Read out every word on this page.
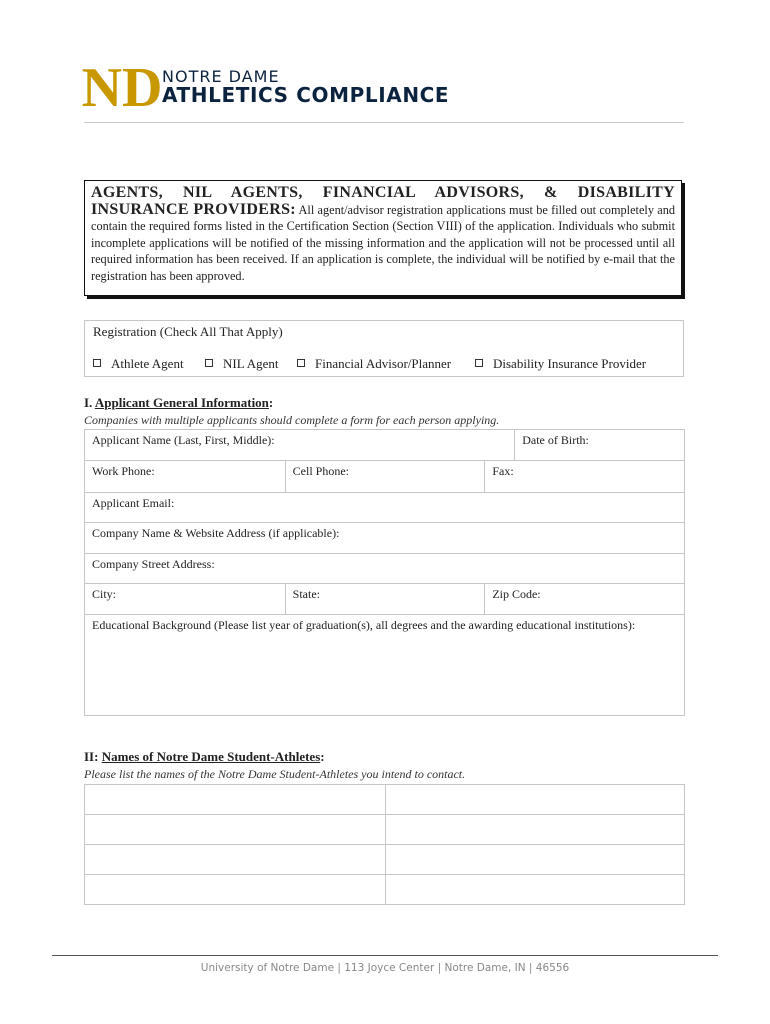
ND NOTRE DAME
ATHLETICS COMPLIANCE
AGENTS, NIL AGENTS, FINANCIAL ADVISORS, & DISABILITY INSURANCE PROVIDERS: All agent/advisor registration applications must be filled out completely and contain the required forms listed in the Certification Section (Section VIII) of the application. Individuals who submit incomplete applications will be notified of the missing information and the application will not be processed until all required information has been received. If an application is complete, the individual will be notified by e-mail that the registration has been approved.
Registration (Check All That Apply)
Athlete Agent	NIL Agent	Financial Advisor/Planner	Disability Insurance Provider
I. Applicant General Information:
Companies with multiple applicants should complete a form for each person applying.
Applicant Name (Last, First, Middle):			Date of Birth:
Work Phone:	Cell Phone:	Fax:	
Applicant Email:			
Company Name & Website Address (if applicable):			
Company Street Address:			
City:	State:	Zip Code:	
Educational Background (Please list year of graduation(s), all degrees and the awarding educational institutions):			
II: Names of Notre Dame Student-Athletes:
Please list the names of the Notre Dame Student-Athletes you intend to contact.

University of Notre Dame | 113 Joyce Center | Notre Dame, IN | 46556
